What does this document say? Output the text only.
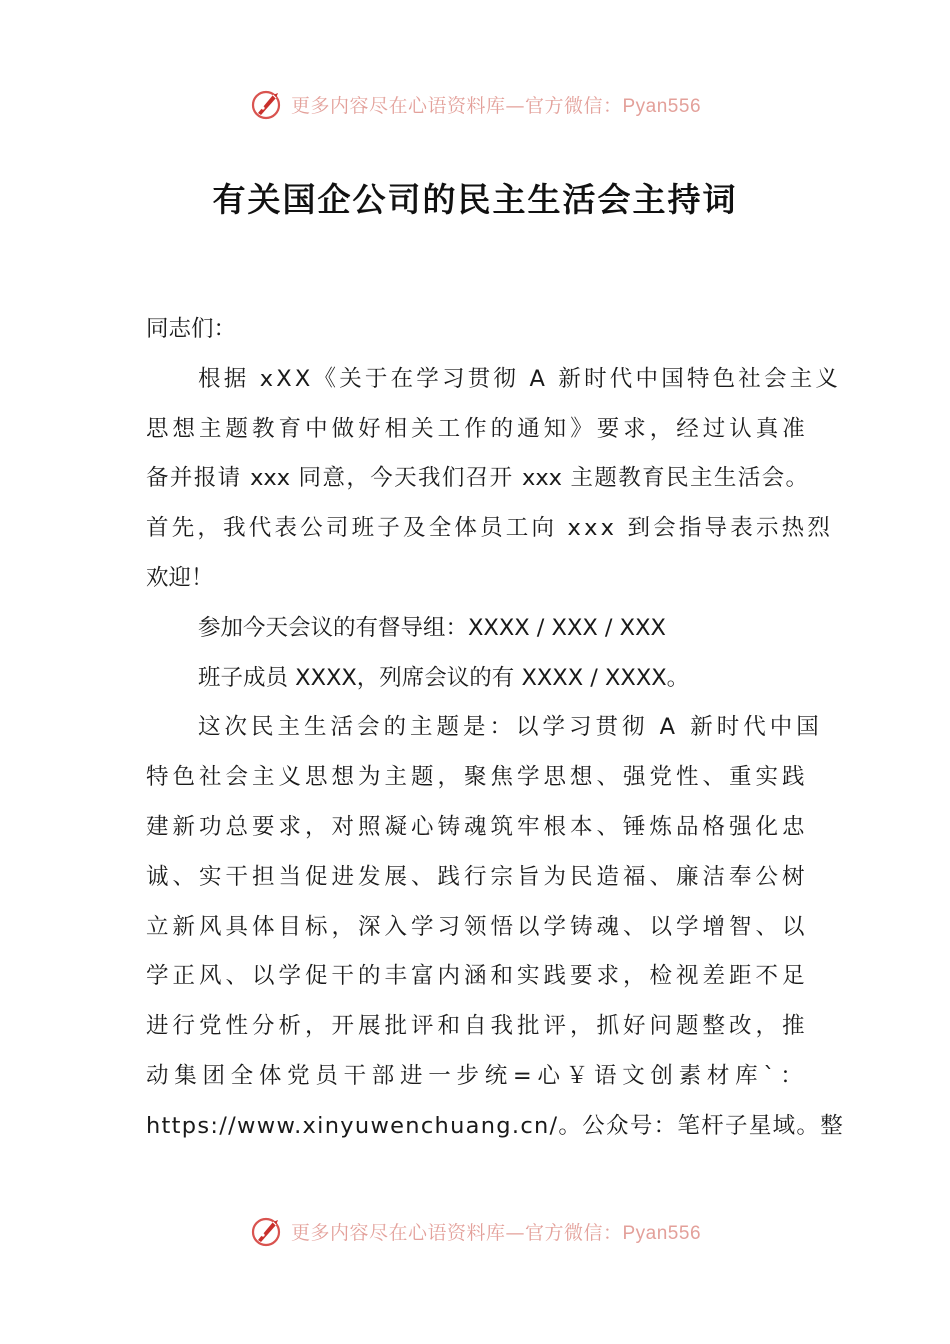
更多内容尽在心语资料库—官方微信：Pyan556
有关国企公司的民主生活会主持词
同志们：
根据 xXX《关于在学习贯彻 A 新时代中国特色社会主义
思想主题教育中做好相关工作的通知》要求，经过认真准
备并报请 xxx 同意，今天我们召开 xxx 主题教育民主生活会。
首先，我代表公司班子及全体员工向 xxx 到会指导表示热烈
欢迎！
参加今天会议的有督导组：XXXX / XXX / XXX
班子成员 XXXX，列席会议的有 XXXX / XXXX。
这次民主生活会的主题是：以学习贯彻 A 新时代中国
特色社会主义思想为主题，聚焦学思想、强党性、重实践
建新功总要求，对照凝心铸魂筑牢根本、锤炼品格强化忠
诚、实干担当促进发展、践行宗旨为民造福、廉洁奉公树
立新风具体目标，深入学习领悟以学铸魂、以学增智、以
学正风、以学促干的丰富内涵和实践要求，检视差距不足
进行党性分析，开展批评和自我批评，抓好问题整改，推
动集团全体党员干部进一步统=心￥语文创素材库`：
https://www.xinyuwenchuang.cn/。公众号：笔杆子星域。整
更多内容尽在心语资料库—官方微信：Pyan556
